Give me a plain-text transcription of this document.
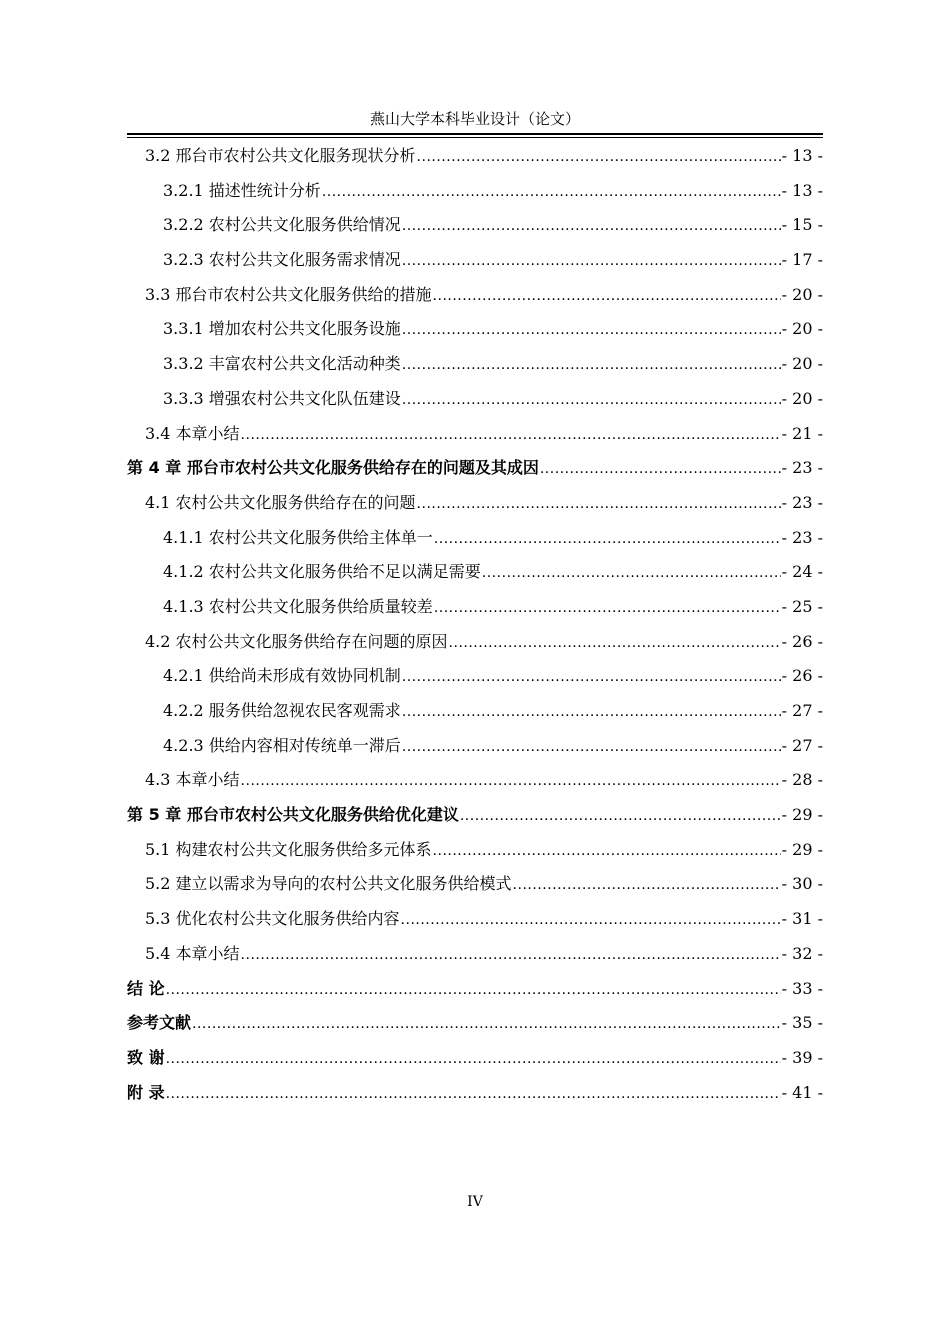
燕山大学本科毕业设计（论文）
3.2 邢台市农村公共文化服务现状分析 .....	- 13 -
3.2.1 描述性统计分析 .....	- 13 -
3.2.2 农村公共文化服务供给情况 .....	- 15 -
3.2.3 农村公共文化服务需求情况 .....	- 17 -
3.3 邢台市农村公共文化服务供给的措施 .....	- 20 -
3.3.1 增加农村公共文化服务设施 .....	- 20 -
3.3.2 丰富农村公共文化活动种类 .....	- 20 -
3.3.3 增强农村公共文化队伍建设 .....	- 20 -
3.4 本章小结 .....	- 21 -
第 4 章 邢台市农村公共文化服务供给存在的问题及其成因 .....	- 23 -
4.1 农村公共文化服务供给存在的问题 .....	- 23 -
4.1.1 农村公共文化服务供给主体单一 .....	- 23 -
4.1.2 农村公共文化服务供给不足以满足需要 .....	- 24 -
4.1.3 农村公共文化服务供给质量较差 .....	- 25 -
4.2 农村公共文化服务供给存在问题的原因 .....	- 26 -
4.2.1 供给尚未形成有效协同机制 .....	- 26 -
4.2.2 服务供给忽视农民客观需求 .....	- 27 -
4.2.3 供给内容相对传统单一滞后 .....	- 27 -
4.3 本章小结 .....	- 28 -
第 5 章 邢台市农村公共文化服务供给优化建议 .....	- 29 -
5.1 构建农村公共文化服务供给多元体系 .....	- 29 -
5.2 建立以需求为导向的农村公共文化服务供给模式 .....	- 30 -
5.3 优化农村公共文化服务供给内容 .....	- 31 -
5.4 本章小结 .....	- 32 -
结 论 .....	- 33 -
参考文献 .....	- 35 -
致 谢 .....	- 39 -
附 录 .....	- 41 -
IV
